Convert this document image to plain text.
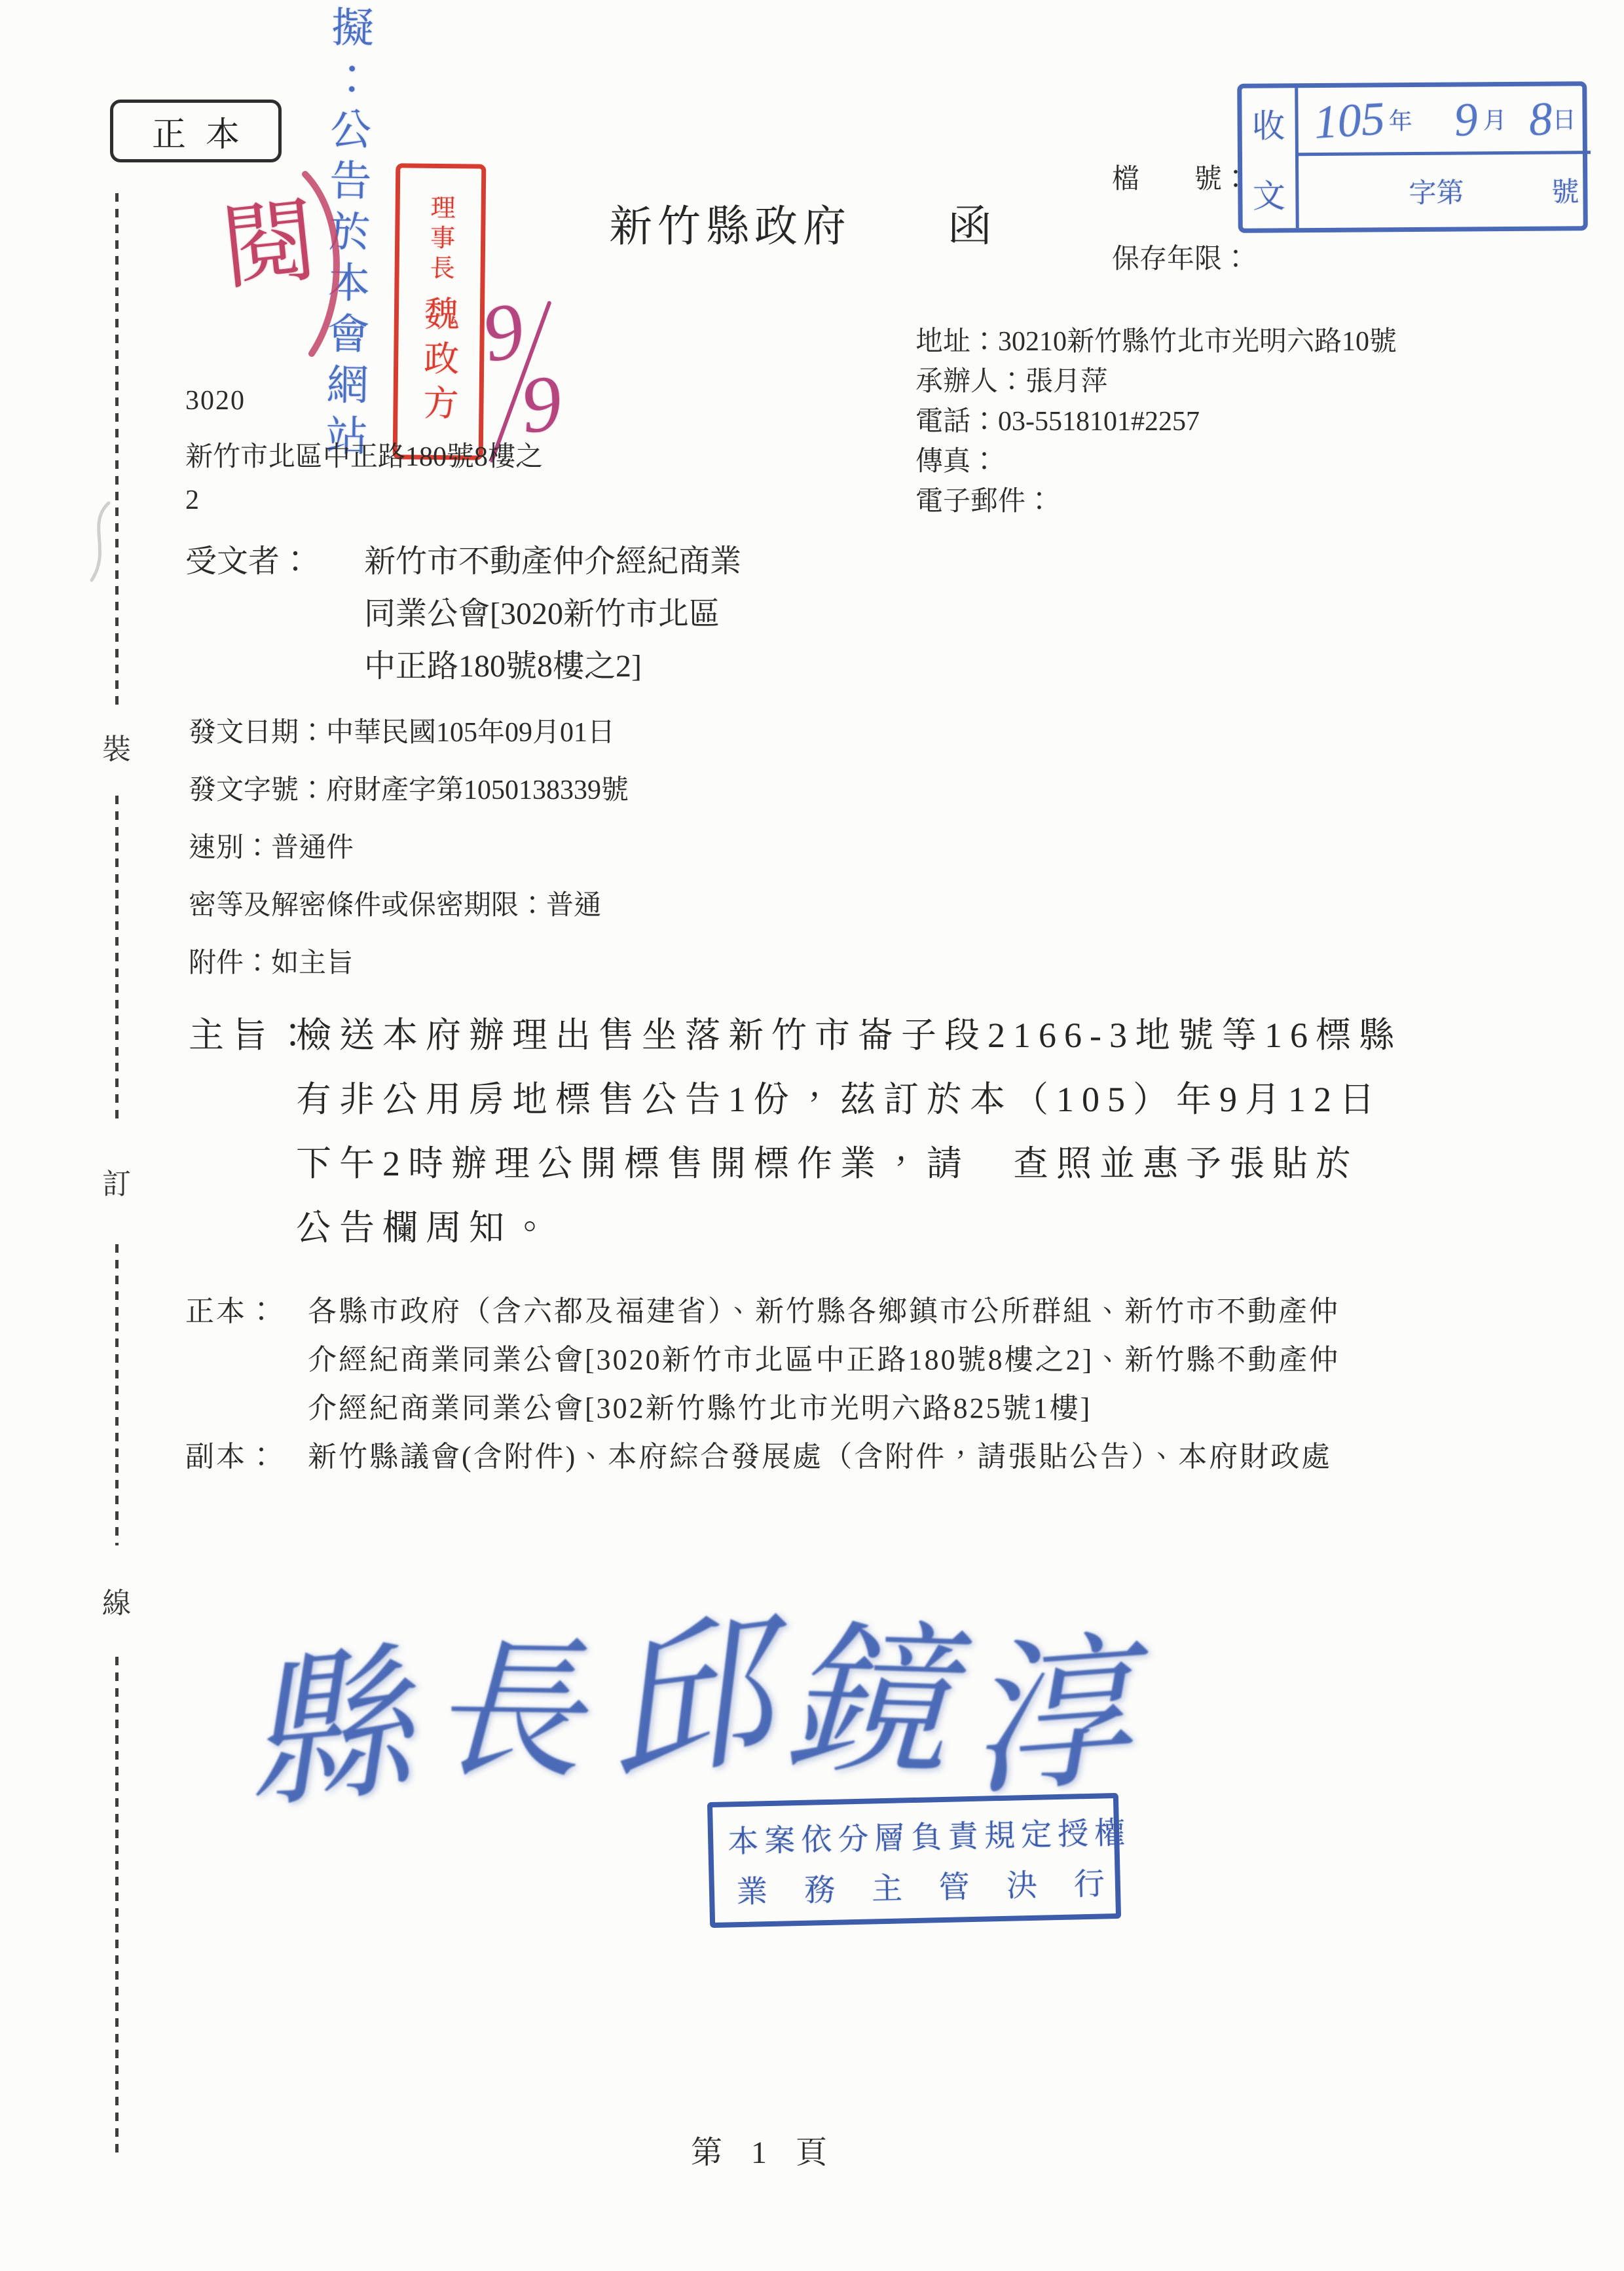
正本
裝
訂
線
擬：公告於本會網站
閱	理事長魏政方 9
9
新竹縣政府　　函
檔　　號：
保存年限：
收
文
105 年 9 月 8
日
字第	號
3020
新竹市北區中正路180號8樓之
2
受文者： 新竹市不動產仲介經紀商業
同業公會[3020新竹市北區
中正路180號8樓之2]
地址：30210新竹縣竹北市光明六路10號
承辦人：張月萍
電話：03-5518101#2257
傳真：
電子郵件：
發文日期：中華民國105年09月01日
發文字號：府財產字第1050138339號
速別：普通件
密等及解密條件或保密期限：普通
附件：如主旨
主旨：
檢送本府辦理出售坐落新竹市崙子段2166-3地號等16標縣
有非公用房地標售公告1份，茲訂於本（105）年9月12日
下午2時辦理公開標售開標作業，請　查照並惠予張貼於
公告欄周知。
正本： 各縣市政府（含六都及福建省）、新竹縣各鄉鎮市公所群組、新竹市不動產仲
介經紀商業同業公會[3020新竹市北區中正路180號8樓之2]、新竹縣不動產仲
介經紀商業同業公會[302新竹縣竹北市光明六路825號1樓]
副本： 新竹縣議會(含附件)、本府綜合發展處（含附件，請張貼公告）、本府財政處
縣長邱鏡淳
本案依分層負責規定授權
業務主管決行
第 1 頁
